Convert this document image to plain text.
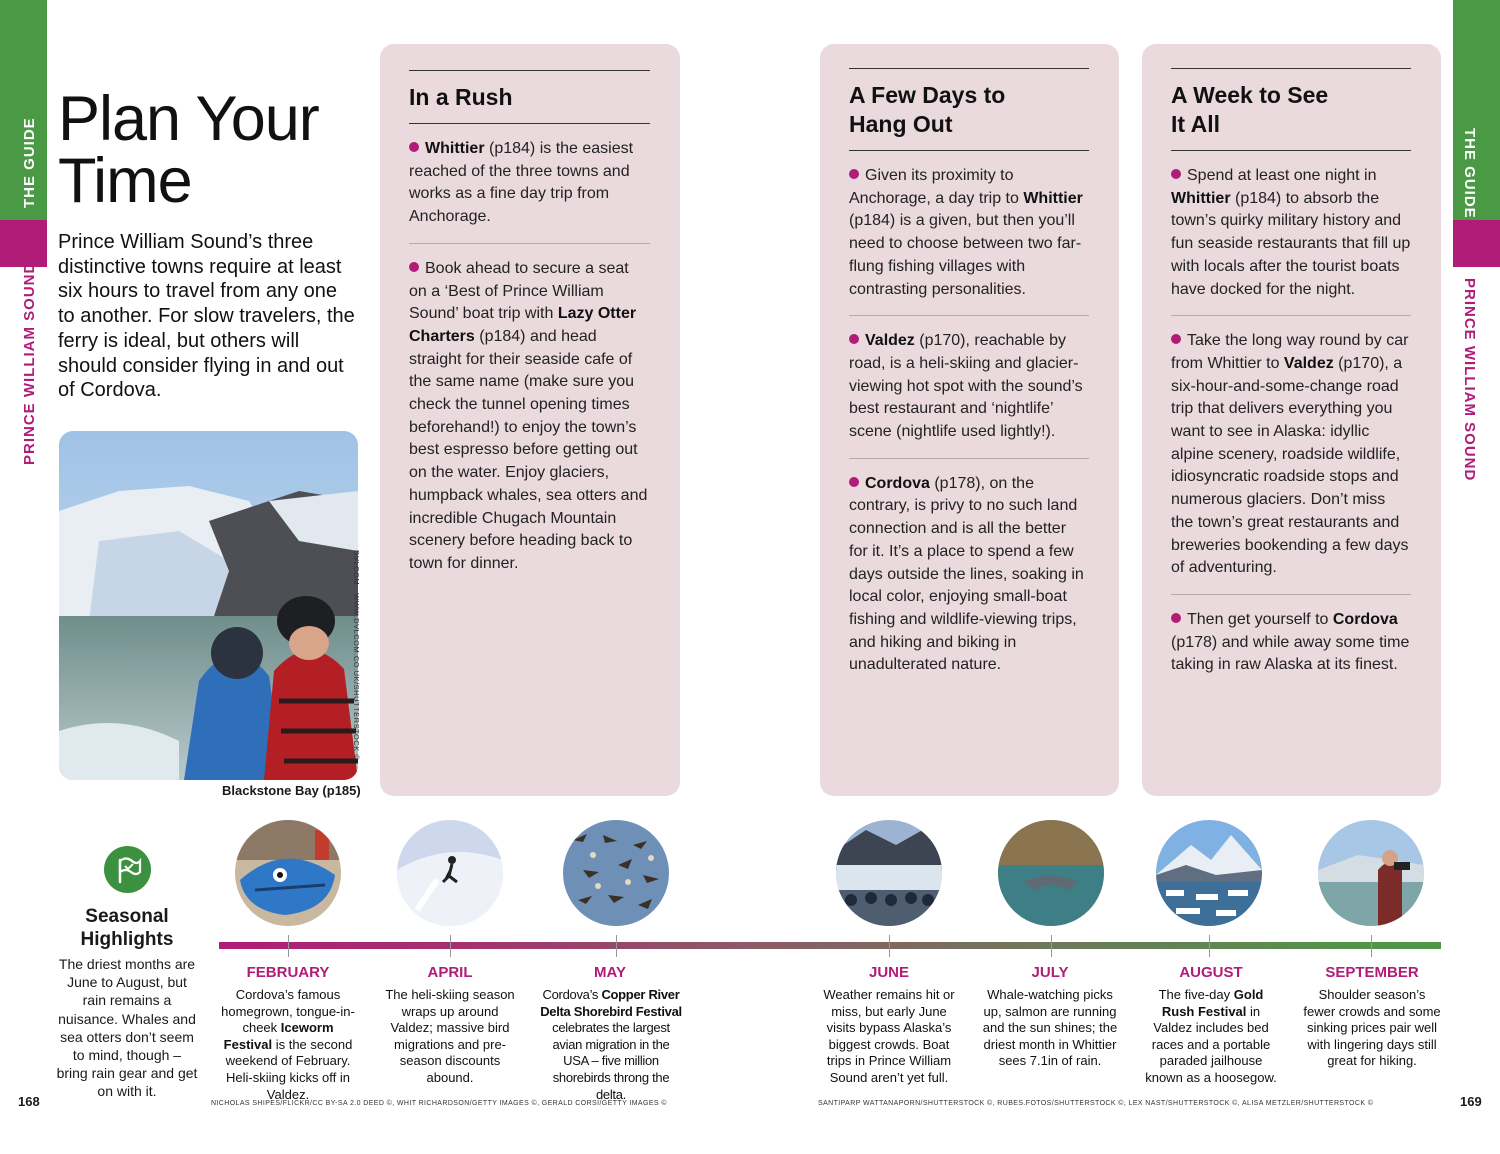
THE GUIDE
PRINCE WILLIAM SOUND
THE GUIDE
PRINCE WILLIAM SOUND
Plan Your
Time

Prince William Sound’s three distinctive towns require at least six hours to travel from any one to another. For slow travelers, the ferry is ideal, but others will should consider flying in and out of Cordova.

DVLCOM · WWW.DVLCOM.CO.UK/SHUTTERSTOCK ©
Blackstone Bay (p185)
In a Rush
Whittier (p184) is the easiest reached of the three towns and works as a fine day trip from Anchorage.
Book ahead to secure a seat on a ‘Best of Prince William Sound’ boat trip with Lazy Otter Charters (p184) and head straight for their seaside cafe of the same name (make sure you check the tunnel opening times beforehand!) to enjoy the town’s best espresso before getting out on the water. Enjoy glaciers, humpback whales, sea otters and incredible Chugach Mountain scenery before heading back to town for dinner.
A Few Days to
Hang Out
Given its proximity to Anchorage, a day trip to Whittier (p184) is a given, but then you’ll need to choose between two far-flung fishing villages with contrasting personalities.
Valdez (p170), reachable by road, is a heli-skiing and glacier-viewing hot spot with the sound’s best restaurant and ‘nightlife’ scene (nightlife used lightly!).
Cordova (p178), on the contrary, is privy to no such land connection and is all the better for it. It’s a place to spend a few days outside the lines, soaking in local color, enjoying small-boat fishing and wildlife-viewing trips, and hiking and biking in unadulterated nature.
A Week to See
It All
Spend at least one night in Whittier (p184) to absorb the town’s quirky military history and fun seaside restaurants that fill up with locals after the tourist boats have docked for the night.
Take the long way round by car from Whittier to Valdez (p170), a six-hour-and-some-change road trip that delivers everything you want to see in Alaska: idyllic alpine scenery, roadside wildlife, idiosyncratic roadside stops and numerous glaciers. Don’t miss the town’s great restaurants and breweries bookending a few days of adventuring.
Then get yourself to Cordova (p178) and while away some time taking in raw Alaska at its finest.
Seasonal
Highlights
The driest months are June to August, but rain remains a nuisance. Whales and sea otters don’t seem to mind, though – bring rain gear and get on with it.
FEBRUARY
Cordova’s famous homegrown, tongue-in-cheek Iceworm Festival is the second weekend of February. Heli-skiing kicks off in Valdez.
APRIL
The heli-skiing season wraps up around Valdez; massive bird migrations and pre-season discounts abound.
MAY
Cordova’s Copper River Delta Shorebird Festival celebrates the largest avian migration in the USA – five million shorebirds throng the delta.
JUNE
Weather remains hit or miss, but early June visits bypass Alaska’s biggest crowds. Boat trips in Prince William Sound aren’t yet full.
JULY
Whale-watching picks up, salmon are running and the sun shines; the driest month in Whittier sees 7.1in of rain.
AUGUST
The five-day Gold Rush Festival in Valdez includes bed races and a portable paraded jailhouse known as a hoosegow.
SEPTEMBER
Shoulder season’s fewer crowds and some sinking prices pair well with lingering days still great for hiking.
168	169
NICHOLAS SHIPES/FLICKR/CC BY-SA 2.0 DEED ©, WHIT RICHARDSON/GETTY IMAGES ©, GERALD CORSI/GETTY IMAGES ©	SANTIPARP WATTANAPORN/SHUTTERSTOCK ©, RUBES.FOTOS/SHUTTERSTOCK ©, LEX NAST/SHUTTERSTOCK ©, ALISA METZLER/SHUTTERSTOCK ©
